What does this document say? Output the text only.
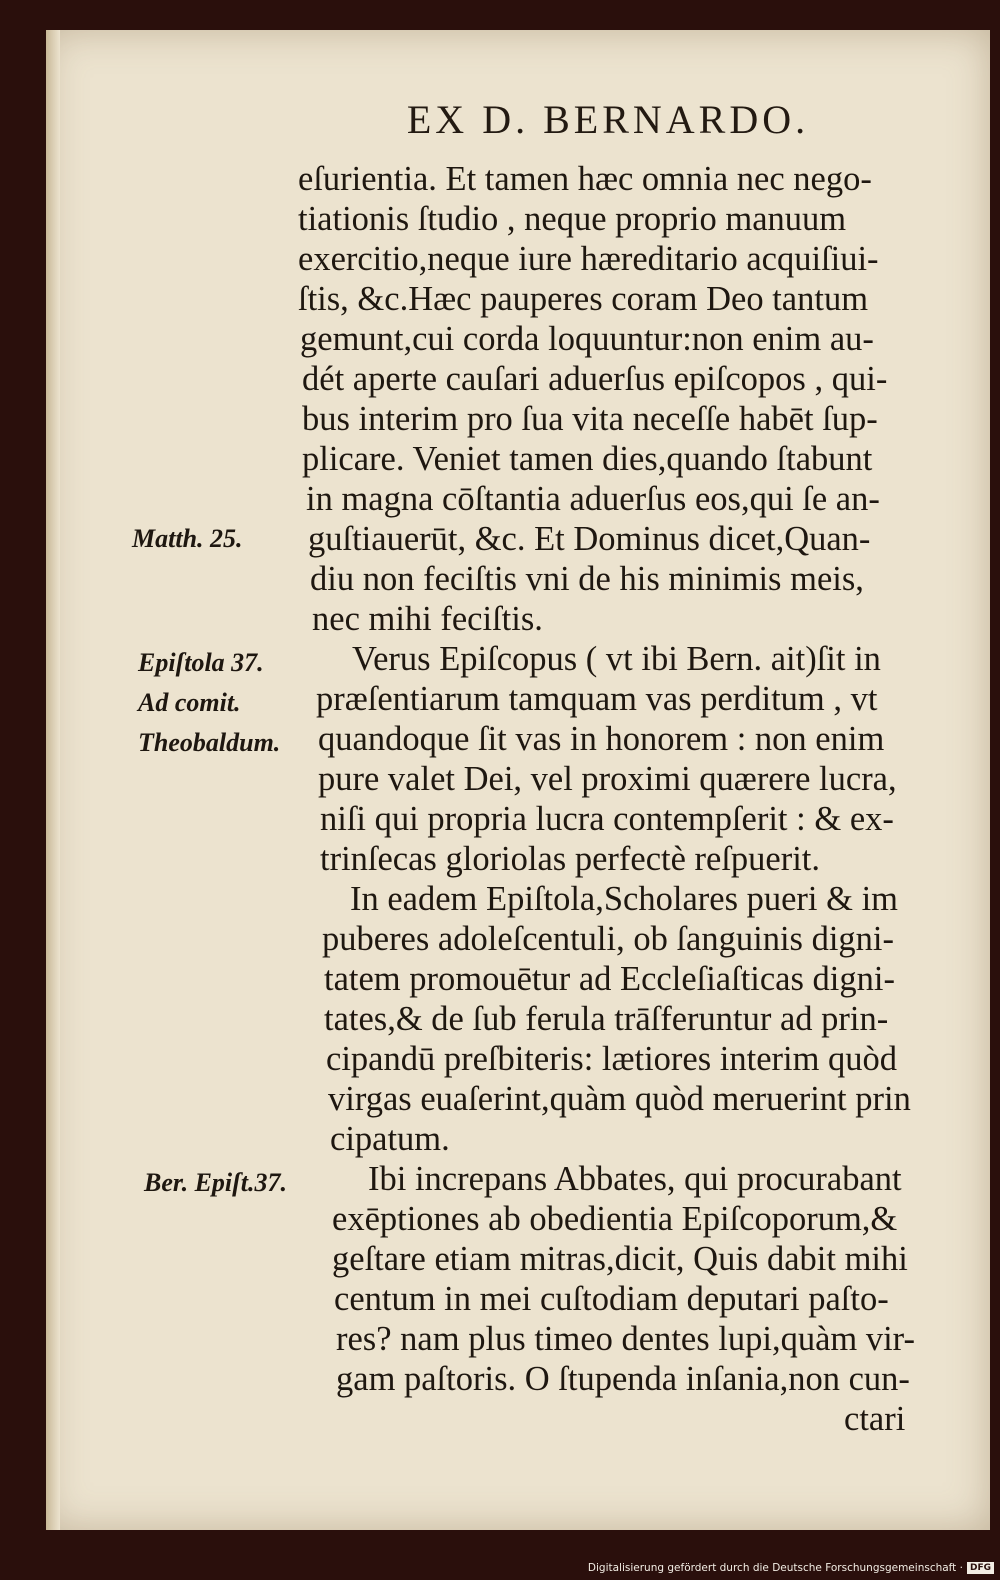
EX D. BERNARDO.
eſurientia. Et tamen hæc omnia nec nego-
tiationis ſtudio , neque proprio manuum
exercitio,neque iure hæreditario acquiſiui-
ſtis, &c.Hæc pauperes coram Deo tantum
gemunt,cui corda loquuntur:non enim au-
dét aperte cauſari aduerſus epiſcopos , qui-
bus interim pro ſua vita neceſſe habēt ſup-
plicare. Veniet tamen dies,quando ſtabunt
in magna cōſtantia aduerſus eos,qui ſe an-
guſtiauerūt, &c. Et Dominus dicet,Quan-
diu non feciſtis vni de his minimis meis,
nec mihi feciſtis.
Verus Epiſcopus ( vt ibi Bern. ait)ſit in
præſentiarum tamquam vas perditum , vt
quandoque ſit vas in honorem : non enim
pure valet Dei, vel proximi quærere lucra,
niſi qui propria lucra contempſerit : & ex-
trinſecas gloriolas perfectè reſpuerit.
In eadem Epiſtola,Scholares pueri & im
puberes adoleſcentuli, ob ſanguinis digni-
tatem promouētur ad Eccleſiaſticas digni-
tates,& de ſub ferula trāſferuntur ad prin-
cipandū preſbiteris: lætiores interim quòd
virgas euaſerint,quàm quòd meruerint prin
cipatum.
Ibi increpans Abbates, qui procurabant
exēptiones ab obedientia Epiſcoporum,&
geſtare etiam mitras,dicit, Quis dabit mihi
centum in mei cuſtodiam deputari paſto-
res? nam plus timeo dentes lupi,quàm vir-
gam paſtoris. O ſtupenda inſania,non cun-
ctari
Matth. 25.
Epiſtola 37.
Ad comit.
Theobaldum.
Ber. Epiſt.37.
Digitalisierung gefördert durch die Deutsche Forschungsgemeinschaft · DFG
